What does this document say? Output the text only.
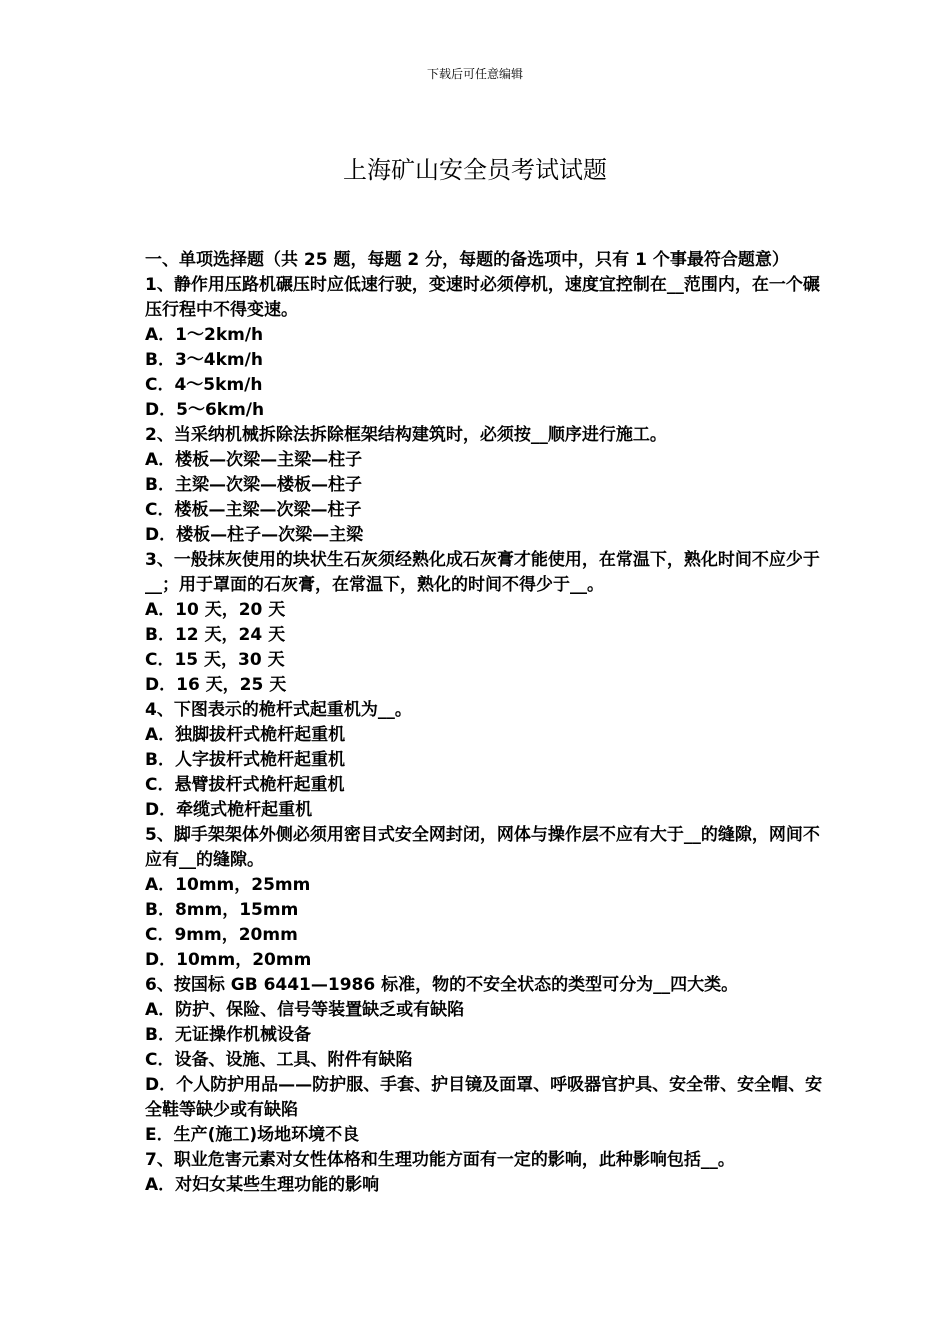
下载后可任意编辑
上海矿山安全员考试试题

一、单项选择题（共 25 题，每题 2 分，每题的备选项中，只有 1 个事最符合题意）

1、静作用压路机碾压时应低速行驶，变速时必须停机，速度宜控制在__范围内，在一个碾压行程中不得变速。

A．1～2km/h

B．3～4km/h

C．4～5km/h

D．5～6km/h

2、当采纳机械拆除法拆除框架结构建筑时，必须按__顺序进行施工。

A．楼板—次梁—主梁—柱子

B．主梁—次梁—楼板—柱子

C．楼板—主梁—次梁—柱子

D．楼板—柱子—次梁—主梁

3、一般抹灰使用的块状生石灰须经熟化成石灰膏才能使用，在常温下，熟化时间不应少于__；用于罩面的石灰膏，在常温下，熟化的时间不得少于__。

A．10 天，20 天

B．12 天，24 天

C．15 天，30 天

D．16 天，25 天

4、下图表示的桅杆式起重机为__。

A．独脚拔杆式桅杆起重机

B．人字拔杆式桅杆起重机

C．悬臂拔杆式桅杆起重机

D．牵缆式桅杆起重机

5、脚手架架体外侧必须用密目式安全网封闭，网体与操作层不应有大于__的缝隙，网间不应有__的缝隙。

A．10mm，25mm

B．8mm，15mm

C．9mm，20mm

D．10mm，20mm

6、按国标 GB 6441—1986 标准，物的不安全状态的类型可分为__四大类。

A．防护、保险、信号等装置缺乏或有缺陷

B．无证操作机械设备

C．设备、设施、工具、附件有缺陷

D．个人防护用品——防护服、手套、护目镜及面罩、呼吸器官护具、安全带、安全帽、安全鞋等缺少或有缺陷

E．生产(施工)场地环境不良

7、职业危害元素对女性体格和生理功能方面有一定的影响，此种影响包括__。

A．对妇女某些生理功能的影响
